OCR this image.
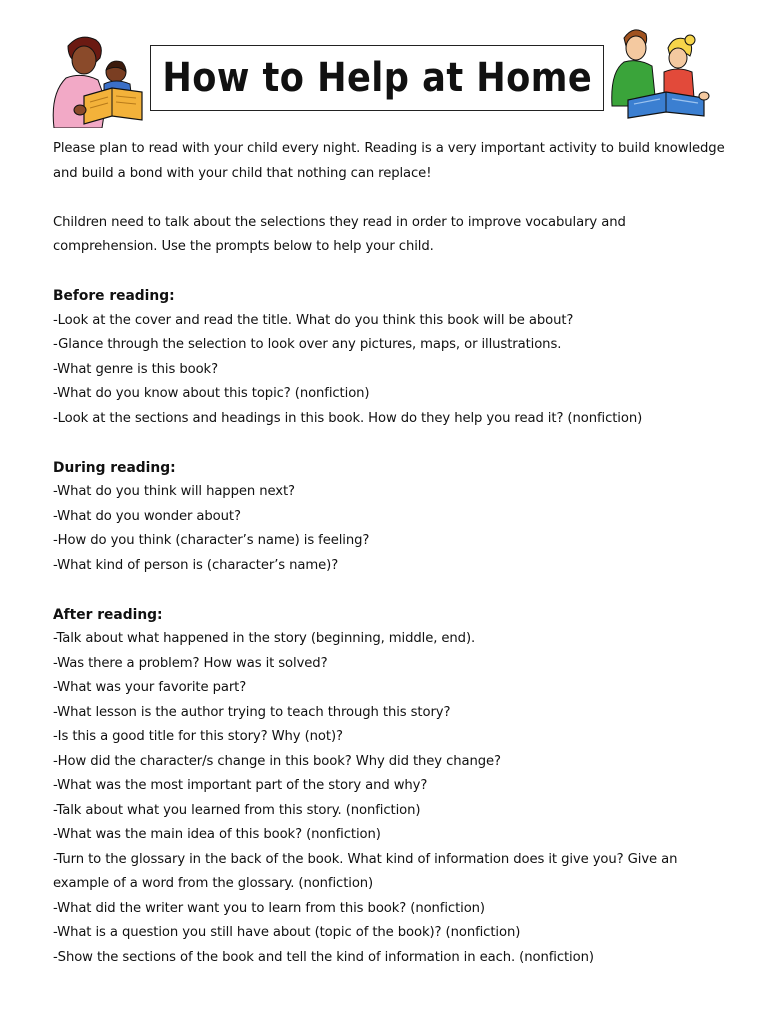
How to Help at Home

Please plan to read with your child every night. Reading is a very important activity to build knowledge and build a bond with your child that nothing can replace!

Children need to talk about the selections they read in order to improve vocabulary and comprehension. Use the prompts below to help your child.

Before reading:

- Look at the cover and read the title. What do you think this book will be about?
- Glance through the selection to look over any pictures, maps, or illustrations.
- What genre is this book?
- What do you know about this topic? (nonfiction)
- Look at the sections and headings in this book. How do they help you read it? (nonfiction)

During reading:

- What do you think will happen next?
- What do you wonder about?
- How do you think (character’s name) is feeling?
- What kind of person is (character’s name)?

After reading:

- Talk about what happened in the story (beginning, middle, end).
- Was there a problem? How was it solved?
- What was your favorite part?
- What lesson is the author trying to teach through this story?
- Is this a good title for this story? Why (not)?
- How did the character/s change in this book? Why did they change?
- What was the most important part of the story and why?
- Talk about what you learned from this story. (nonfiction)
- What was the main idea of this book? (nonfiction)
- Turn to the glossary in the back of the book. What kind of information does it give you? Give an example of a word from the glossary. (nonfiction)
- What did the writer want you to learn from this book? (nonfiction)
- What is a question you still have about (topic of the book)? (nonfiction)
- Show the sections of the book and tell the kind of information in each. (nonfiction)
